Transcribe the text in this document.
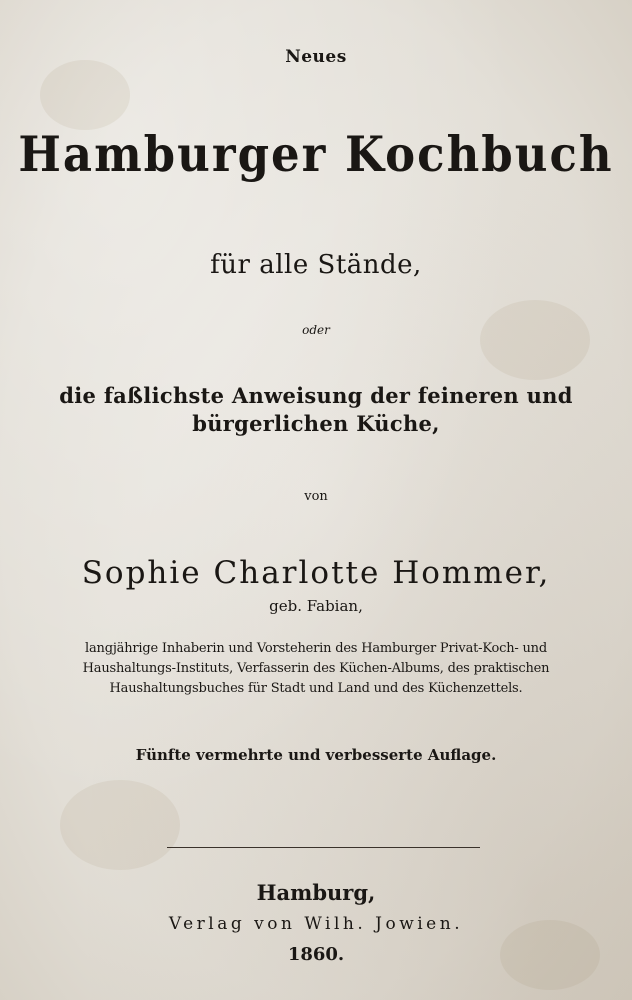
Neues
Hamburger Kochbuch
für alle Stände,
oder
die faßlichste Anweisung der feineren und
bürgerlichen Küche,
von
Sophie Charlotte Hommer,
geb. Fabian,
langjährige Inhaberin und Vorsteherin des Hamburger Privat-Koch- und
Haushaltungs-Instituts, Verfasserin des Küchen-Albums, des praktischen
Haushaltungsbuches für Stadt und Land und des Küchenzettels.
Fünfte vermehrte und verbesserte Auflage.
Hamburg,
Verlag von Wilh. Jowien.
1860.
